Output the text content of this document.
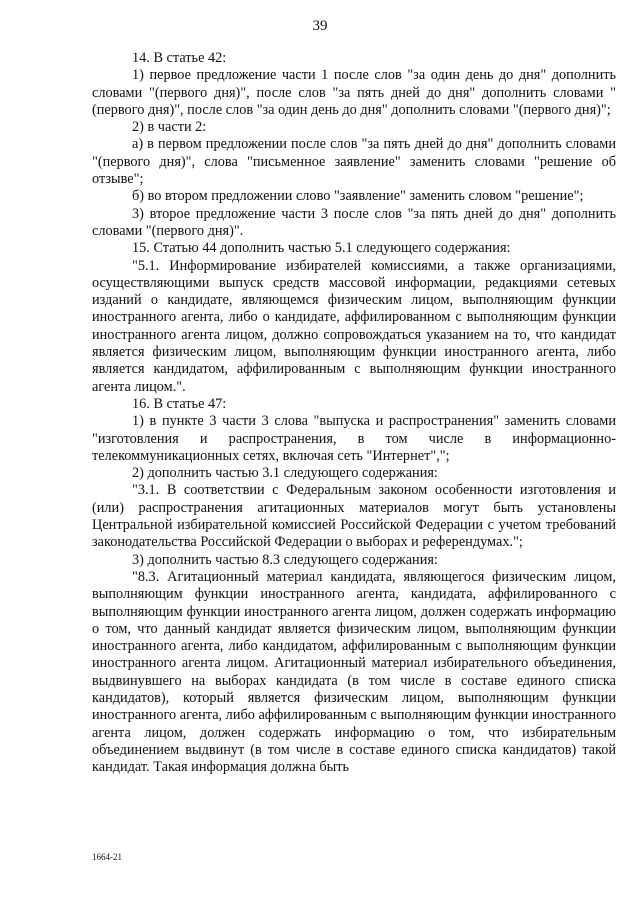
39

14. В статье 42:

1) первое предложение части 1 после слов "за один день до дня" дополнить словами "(первого дня)", после слов "за пять дней до дня" дополнить словами "(первого дня)", после слов "за один день до дня" дополнить словами "(первого дня)";

2) в части 2:

а) в первом предложении после слов "за пять дней до дня" дополнить словами "(первого дня)", слова "письменное заявление" заменить словами "решение об отзыве";

б) во втором предложении слово "заявление" заменить словом "решение";

3) второе предложение части 3 после слов "за пять дней до дня" дополнить словами "(первого дня)".

15. Статью 44 дополнить частью 5.1 следующего содержания:

"5.1. Информирование избирателей комиссиями, а также организациями, осуществляющими выпуск средств массовой информации, редакциями сетевых изданий о кандидате, являющемся физическим лицом, выполняющим функции иностранного агента, либо о кандидате, аффилированном с выполняющим функции иностранного агента лицом, должно сопровождаться указанием на то, что кандидат является физическим лицом, выполняющим функции иностранного агента, либо является кандидатом, аффилированным с выполняющим функции иностранного агента лицом.".

16. В статье 47:

1) в пункте 3 части 3 слова "выпуска и распространения" заменить словами "изготовления и распространения, в том числе в информационно-телекоммуникационных сетях, включая сеть "Интернет",";

2) дополнить частью 3.1 следующего содержания:

"3.1. В соответствии с Федеральным законом особенности изготовления и (или) распространения агитационных материалов могут быть установлены Центральной избирательной комиссией Российской Федерации с учетом требований законодательства Российской Федерации о выборах и референдумах.";

3) дополнить частью 8.3 следующего содержания:

"8.3. Агитационный материал кандидата, являющегося физическим лицом, выполняющим функции иностранного агента, кандидата, аффилированного с выполняющим функции иностранного агента лицом, должен содержать информацию о том, что данный кандидат является физическим лицом, выполняющим функции иностранного агента, либо кандидатом, аффилированным с выполняющим функции иностранного агента лицом. Агитационный материал избирательного объединения, выдвинувшего на выборах кандидата (в том числе в составе единого списка кандидатов), который является физическим лицом, выполняющим функции иностранного агента, либо аффилированным с выполняющим функции иностранного агента лицом, должен содержать информацию о том, что избирательным объединением выдвинут (в том числе в составе единого списка кандидатов) такой кандидат. Такая информация должна быть

1664-21
